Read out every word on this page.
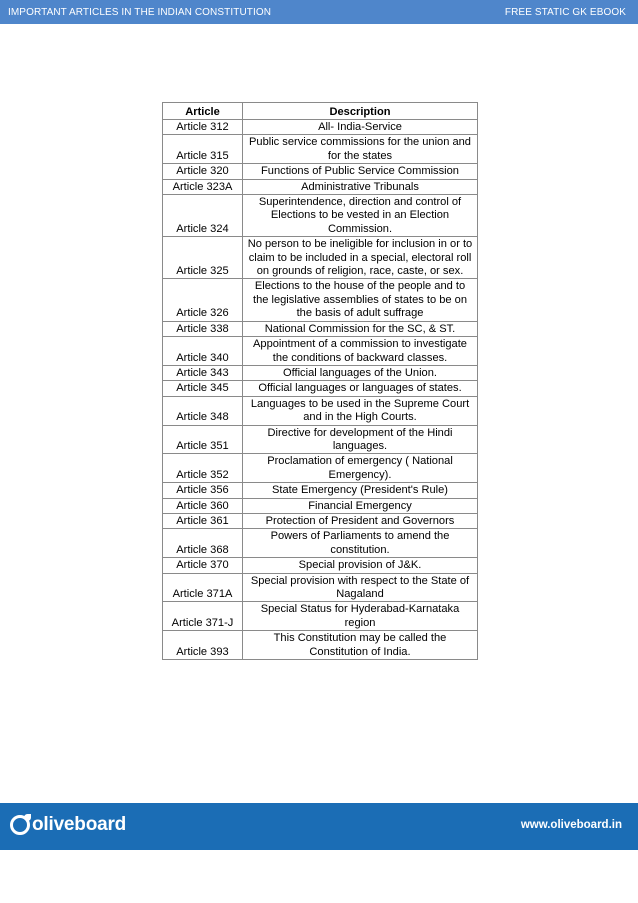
IMPORTANT ARTICLES IN THE INDIAN CONSTITUTION	FREE STATIC GK EBOOK
Article	Description
Article 312	All- India-Service
Article 315	Public service commissions for the union and for the states
Article 320	Functions of Public Service Commission
Article 323A	Administrative Tribunals
Article 324	Superintendence, direction and control of Elections to be vested in an Election Commission.
Article 325	No person to be ineligible for inclusion in or to claim to be included in a special, electoral roll on grounds of religion, race, caste, or sex.
Article 326	Elections to the house of the people and to the legislative assemblies of states to be on the basis of adult suffrage
Article 338	National Commission for the SC, & ST.
Article 340	Appointment of a commission to investigate the conditions of backward classes.
Article 343	Official languages of the Union.
Article 345	Official languages or languages of states.
Article 348	Languages to be used in the Supreme Court and in the High Courts.
Article 351	Directive for development of the Hindi languages.
Article 352	Proclamation of emergency ( National Emergency).
Article 356	State Emergency (President's Rule)
Article 360	Financial Emergency
Article 361	Protection of President and Governors
Article 368	Powers of Parliaments to amend the constitution.
Article 370	Special provision of J&K.
Article 371A	Special provision with respect to the State of Nagaland
Article 371-J	Special Status for Hyderabad-Karnataka region
Article 393	This Constitution may be called the Constitution of India.
oliveboard	www.oliveboard.in
